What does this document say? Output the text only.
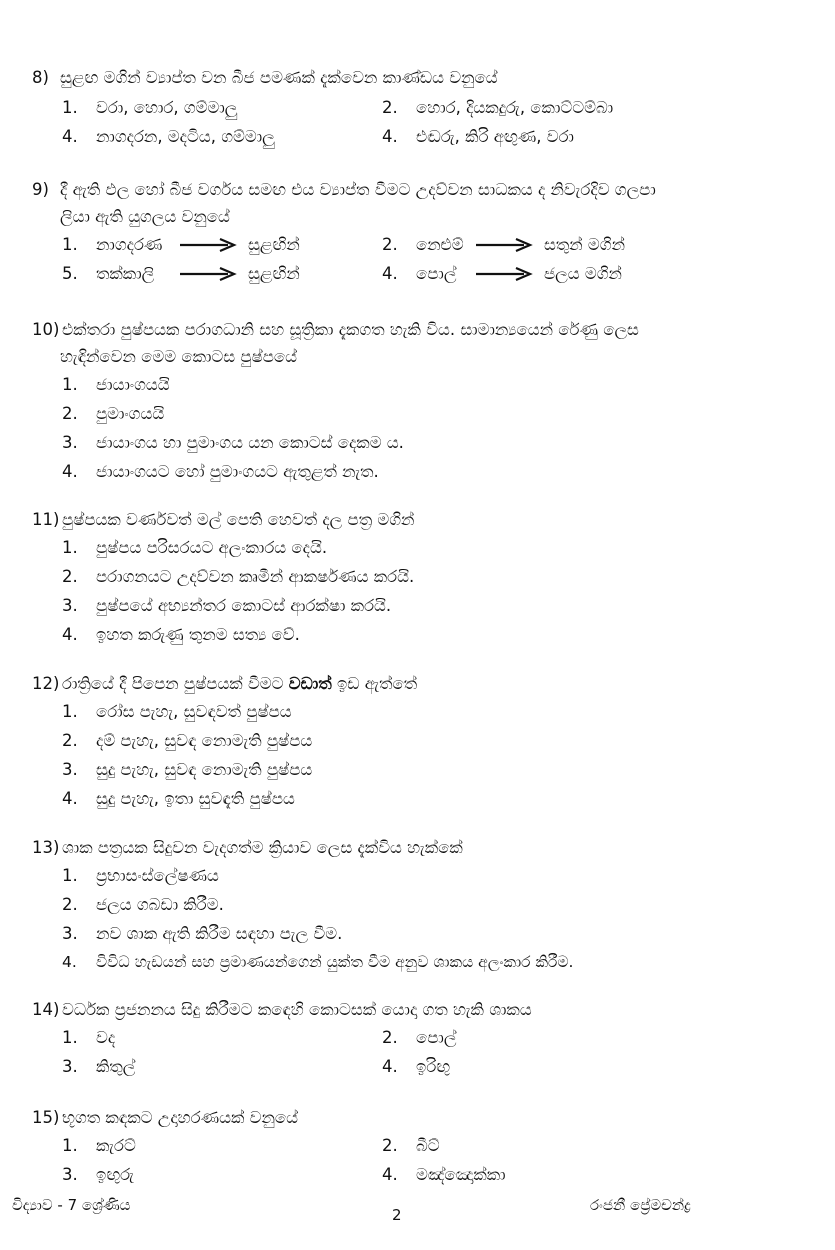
8) සුළඟ මගින් ව්‍යාප්ත වන බීජ පමණක් දැක්වෙන කාණ්ඩය වනුයේ
1. වරා, හොර, ගම්මාලු	2. හොර, දියකදුරු, කොට්ටම්බා
4. නාගදරන, මදටිය, ගම්මාලු	4. එඬරු, කිරි අඟුණ, වරා
9) දී ඇති ඵල හෝ බීජ වර්ගය සමඟ එය ව්‍යාප්ත වීමට උදව්වන සාධකය ද නිවැරදිව ගලපා
ලියා ඇති යුගලය වනුයේ
1. නාගදරණ	සුළඟින්	2. නෙළුම්	සතුන් මගින්
5. තක්කාලි	සුළඟින්	4. පොල්	ජලය මගින්
10) එක්තරා පුෂ්පයක පරාගධානි සහ සූත්‍රිකා දැකගත හැකි විය. සාමාන්‍යයෙන් රේණු ලෙස
හැඳින්වෙන මෙම කොටස පුෂ්පයේ
1. ජායාංගයයි
2. පුමාංගයයි
3. ජායාංගය හා පුමාංගය යන කොටස් දෙකම ය.
4. ජායාංගයට හෝ පුමාංගයට ඇතුළත් නැත.
11) පුෂ්පයක වර්ණවත් මල් පෙති හෙවත් දල පත්‍ර මගින්
1. පුෂ්පය පරිසරයට අලංකාරය දෙයි.
2. පරාගනයට උදව්වන කෘමීන් ආකර්ෂණය කරයි.
3. පුෂ්පයේ අභ්‍යන්තර කොටස් ආරක්ෂා කරයි.
4. ඉහත කරුණු තුනම සත්‍ය වේ.
12) රාත්‍රියේ දී පිපෙන පුෂ්පයක් වීමට වඩාත් ඉඩ ඇත්තේ
1. රෝස පැහැ, සුවඳවත් පුෂ්පය
2. දම් පැහැ, සුවඳ නොමැති පුෂ්පය
3. සුදු පැහැ, සුවඳ නොමැති පුෂ්පය
4. සුදු පැහැ, ඉතා සුවඳැති පුෂ්පය
13) ශාක පත්‍රයක සිදුවන වැදගත්ම ක්‍රියාව ලෙස දැක්විය හැක්කේ
1. ප්‍රභාසංස්ලේෂණය
2. ජලය ගබඩා කිරීම.
3. නව ශාක ඇති කිරීම සඳහා පැල වීම.
4. විවිධ හැඩයන් සහ ප්‍රමාණයන්ගෙන් යුක්ත වීම අනුව ශාකය අලංකාර කිරීම.
14) වර්ධක ප්‍රජනනය සිදු කිරීමට කඳෙහි කොටසක් යොදා ගත හැකි ශාකය
1. වද	2. පොල්
3. කිතුල්	4. ඉරිඟු
15) භූගත කඳකට උදාහරණයක් වනුයේ
1. කැරට්	2. බීට්
3. ඉඟුරු	4. මඤ්ඤොක්කා
විද්‍යාව - 7 ශ්‍රේණිය
2
රංජනී ප්‍රේමචන්ද්‍ර
